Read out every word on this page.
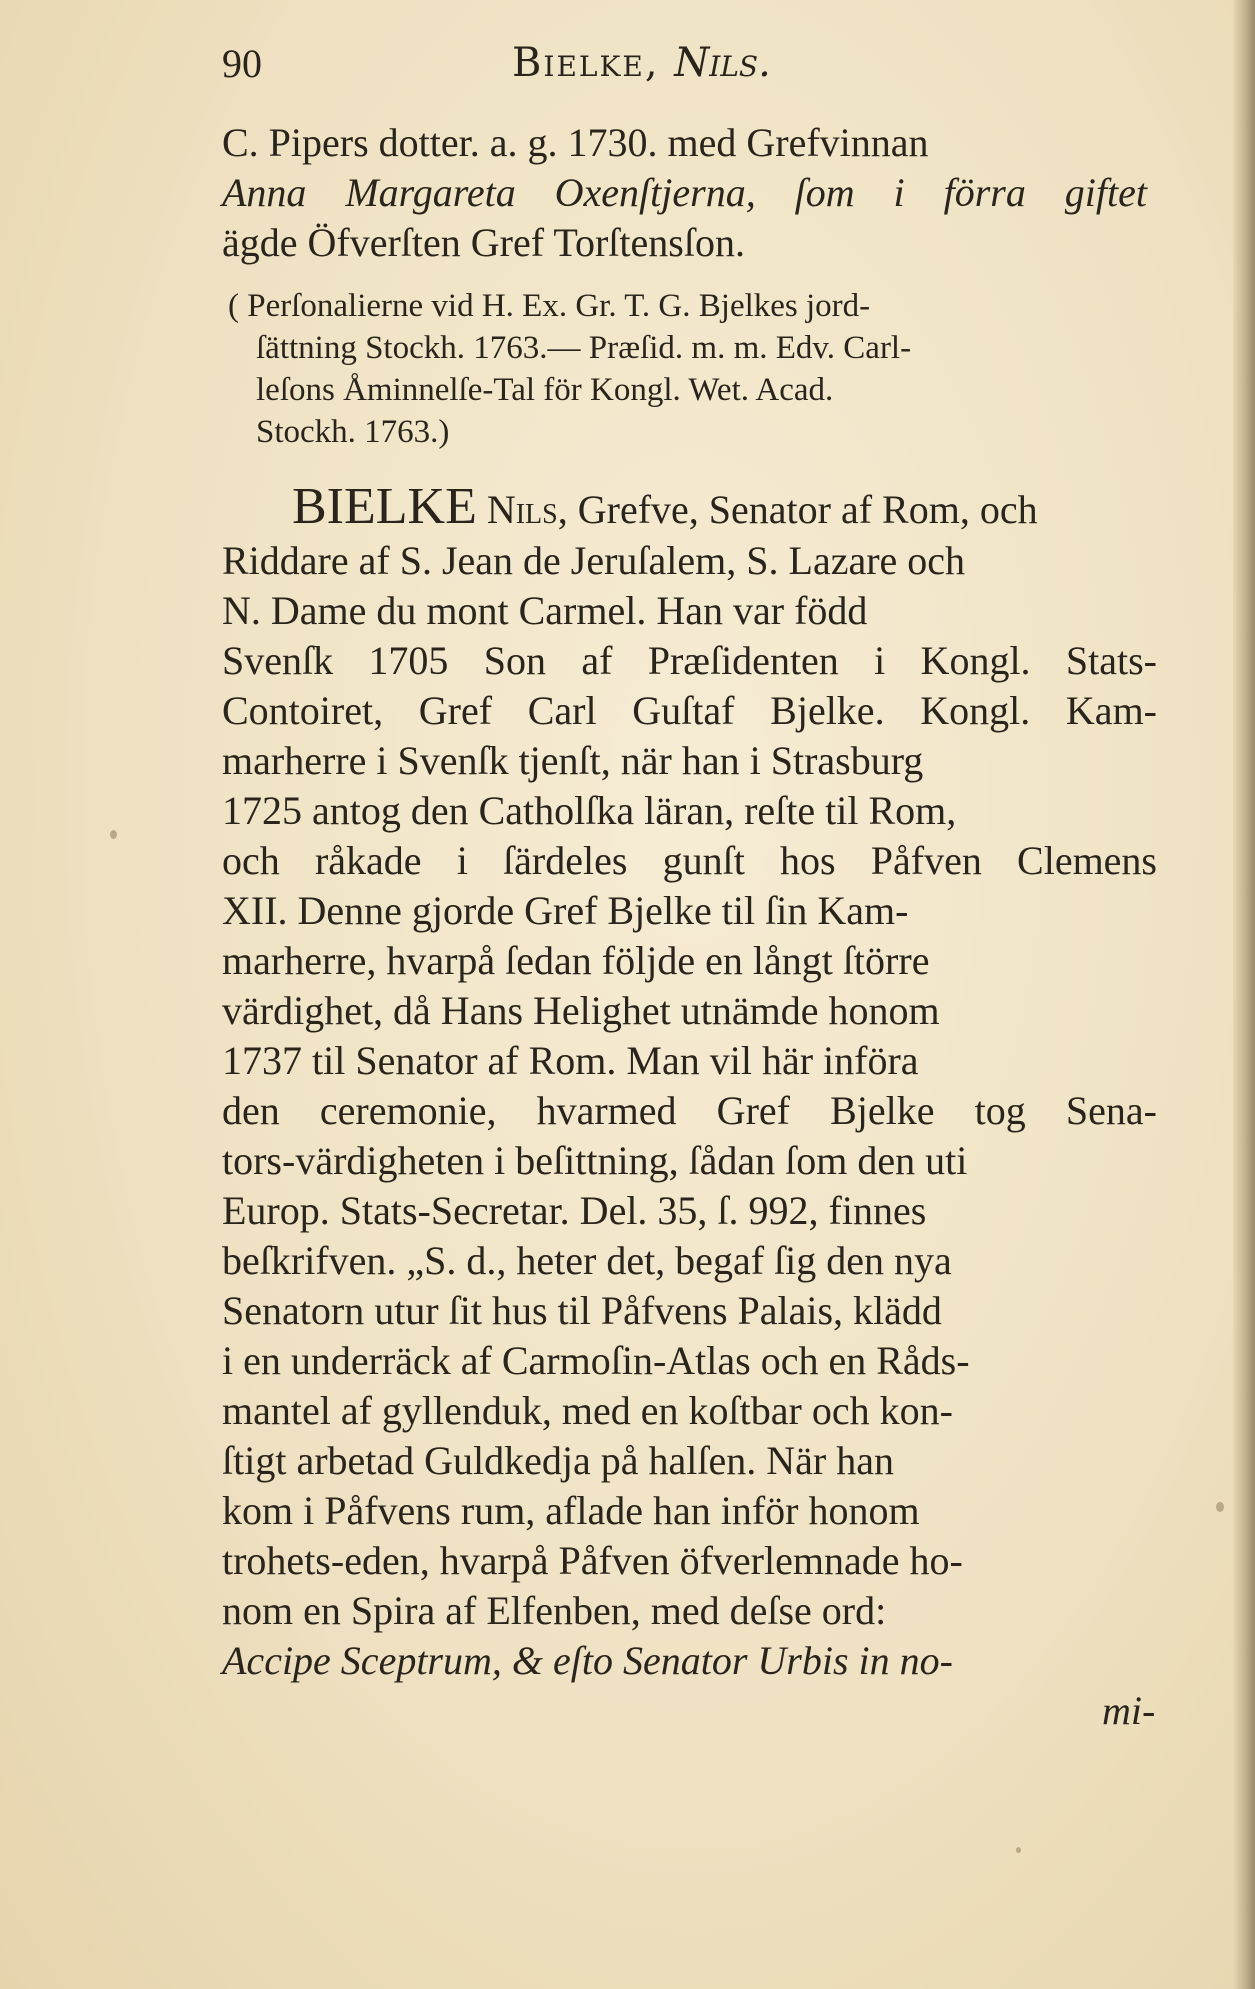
90	Bielke, Nils.
C. Pipers dotter. a. g. 1730. med Grefvinnan
Anna Margareta Oxenſtjerna, ſom i förra giftet
ägde Öfverſten Gref Torſtensſon.
( Perſonalierne vid H. Ex. Gr. T. G. Bjelkes jord-
ſättning Stockh. 1763.— Præſid. m. m. Edv. Carl-
leſons Åminnelſe-Tal för Kongl. Wet. Acad.
Stockh. 1763.)
BIELKE Nils, Grefve, Senator af Rom, och
Riddare af S. Jean de Jeruſalem, S. Lazare och
N. Dame du mont Carmel. Han var född
Svenſk 1705 Son af Præſidenten i Kongl. Stats-
Contoiret, Gref Carl Guſtaf Bjelke. Kongl. Kam-
marherre i Svenſk tjenſt, när han i Strasburg
1725 antog den Catholſka läran, reſte til Rom,
och råkade i ſärdeles gunſt hos Påfven Clemens
XII. Denne gjorde Gref Bjelke til ſin Kam-
marherre, hvarpå ſedan följde en långt ſtörre
värdighet, då Hans Helighet utnämde honom
1737 til Senator af Rom. Man vil här införa
den ceremonie, hvarmed Gref Bjelke tog Sena-
tors-värdigheten i beſittning, ſådan ſom den uti
Europ. Stats-Secretar. Del. 35, ſ. 992, finnes
beſkrifven. „S. d., heter det, begaf ſig den nya
Senatorn utur ſit hus til Påfvens Palais, klädd
i en underräck af Carmoſin-Atlas och en Råds-
mantel af gyllenduk, med en koſtbar och kon-
ſtigt arbetad Guldkedja på halſen. När han
kom i Påfvens rum, aflade han inför honom
trohets-eden, hvarpå Påfven öfverlemnade ho-
nom en Spira af Elfenben, med deſse ord:
Accipe Sceptrum, & eſto Senator Urbis in no-
mi-
